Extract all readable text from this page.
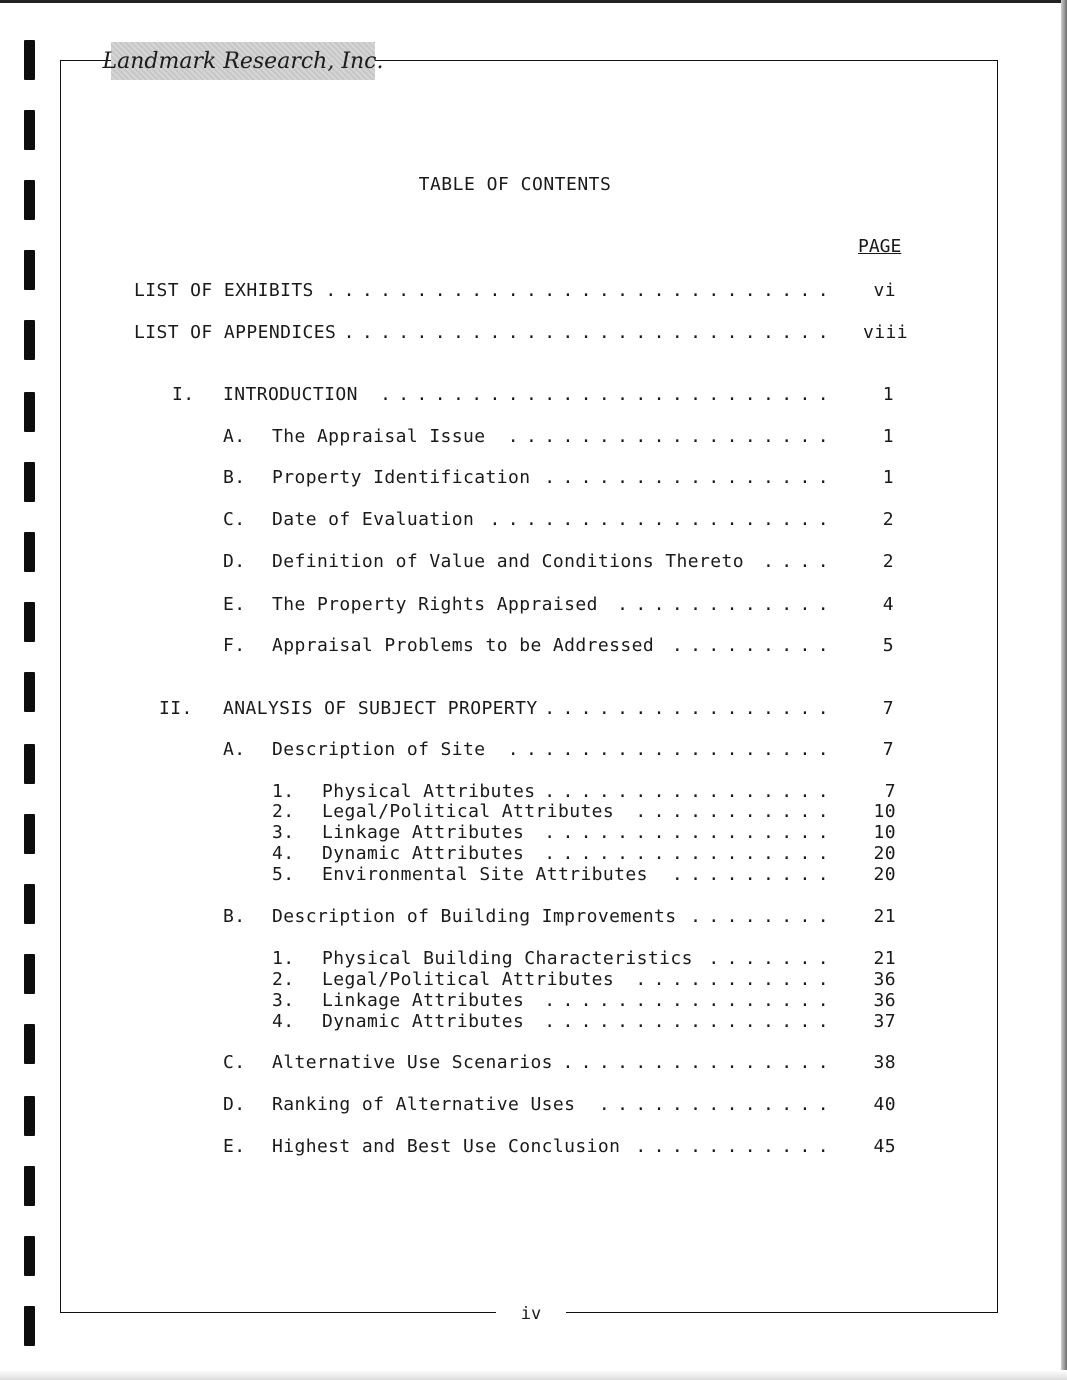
Landmark Research, Inc.
TABLE OF CONTENTS
PAGE
LIST OF EXHIBITS ............................ vi
LIST OF APPENDICES ........................... viii
I. INTRODUCTION .........................	1
A. The Appraisal Issue ..................	1
B. Property Identification ................	1
C. Date of Evaluation ...................	2
D. Definition of Value and Conditions Thereto ....	2
E. The Property Rights Appraised ............	4
F. Appraisal Problems to be Addressed .........	5
II. ANALYSIS OF SUBJECT PROPERTY ................	7
A. Description of Site ..................	7
1. Physical Attributes ................	7
2. Legal/Political Attributes ........... 10
3. Linkage Attributes ................ 10
4. Dynamic Attributes ................ 20
5. Environmental Site Attributes ......... 20
B. Description of Building Improvements ........ 21
1. Physical Building Characteristics ....... 21
2. Legal/Political Attributes ........... 36
3. Linkage Attributes ................ 36
4. Dynamic Attributes ................ 37
C. Alternative Use Scenarios ............... 38
D. Ranking of Alternative Uses ............. 40
E. Highest and Best Use Conclusion ........... 45
iv
